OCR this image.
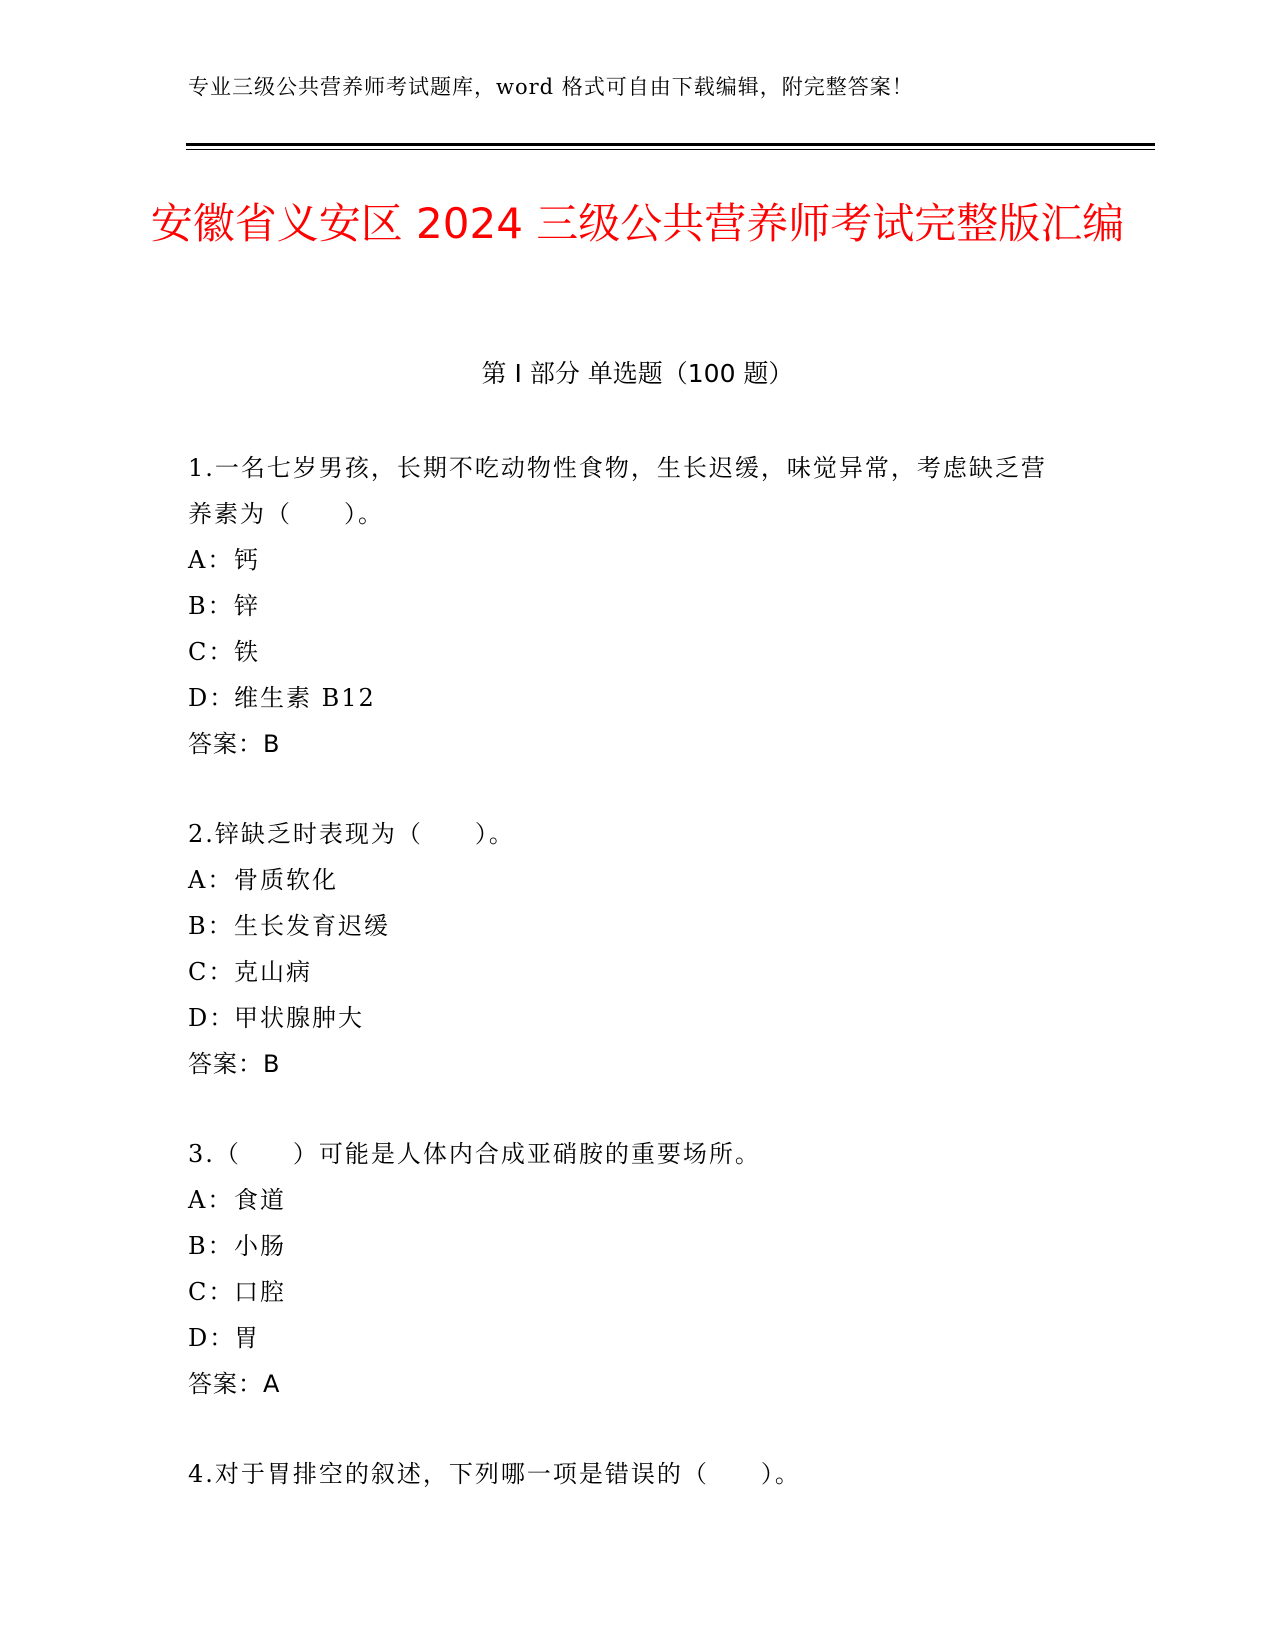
专业三级公共营养师考试题库，word 格式可自由下载编辑，附完整答案！
安徽省义安区 2024 三级公共营养师考试完整版汇编
第 I 部分 单选题（100 题）
1.一名七岁男孩，长期不吃动物性食物，生长迟缓，味觉异常，考虑缺乏营养素为（　　）。
A：钙
B：锌
C：铁
D：维生素 B12
答案：B
2.锌缺乏时表现为（　　）。
A：骨质软化
B：生长发育迟缓
C：克山病
D：甲状腺肿大
答案：B
3.（　　）可能是人体内合成亚硝胺的重要场所。
A：食道
B：小肠
C：口腔
D：胃
答案：A
4.对于胃排空的叙述，下列哪一项是错误的（　　）。
